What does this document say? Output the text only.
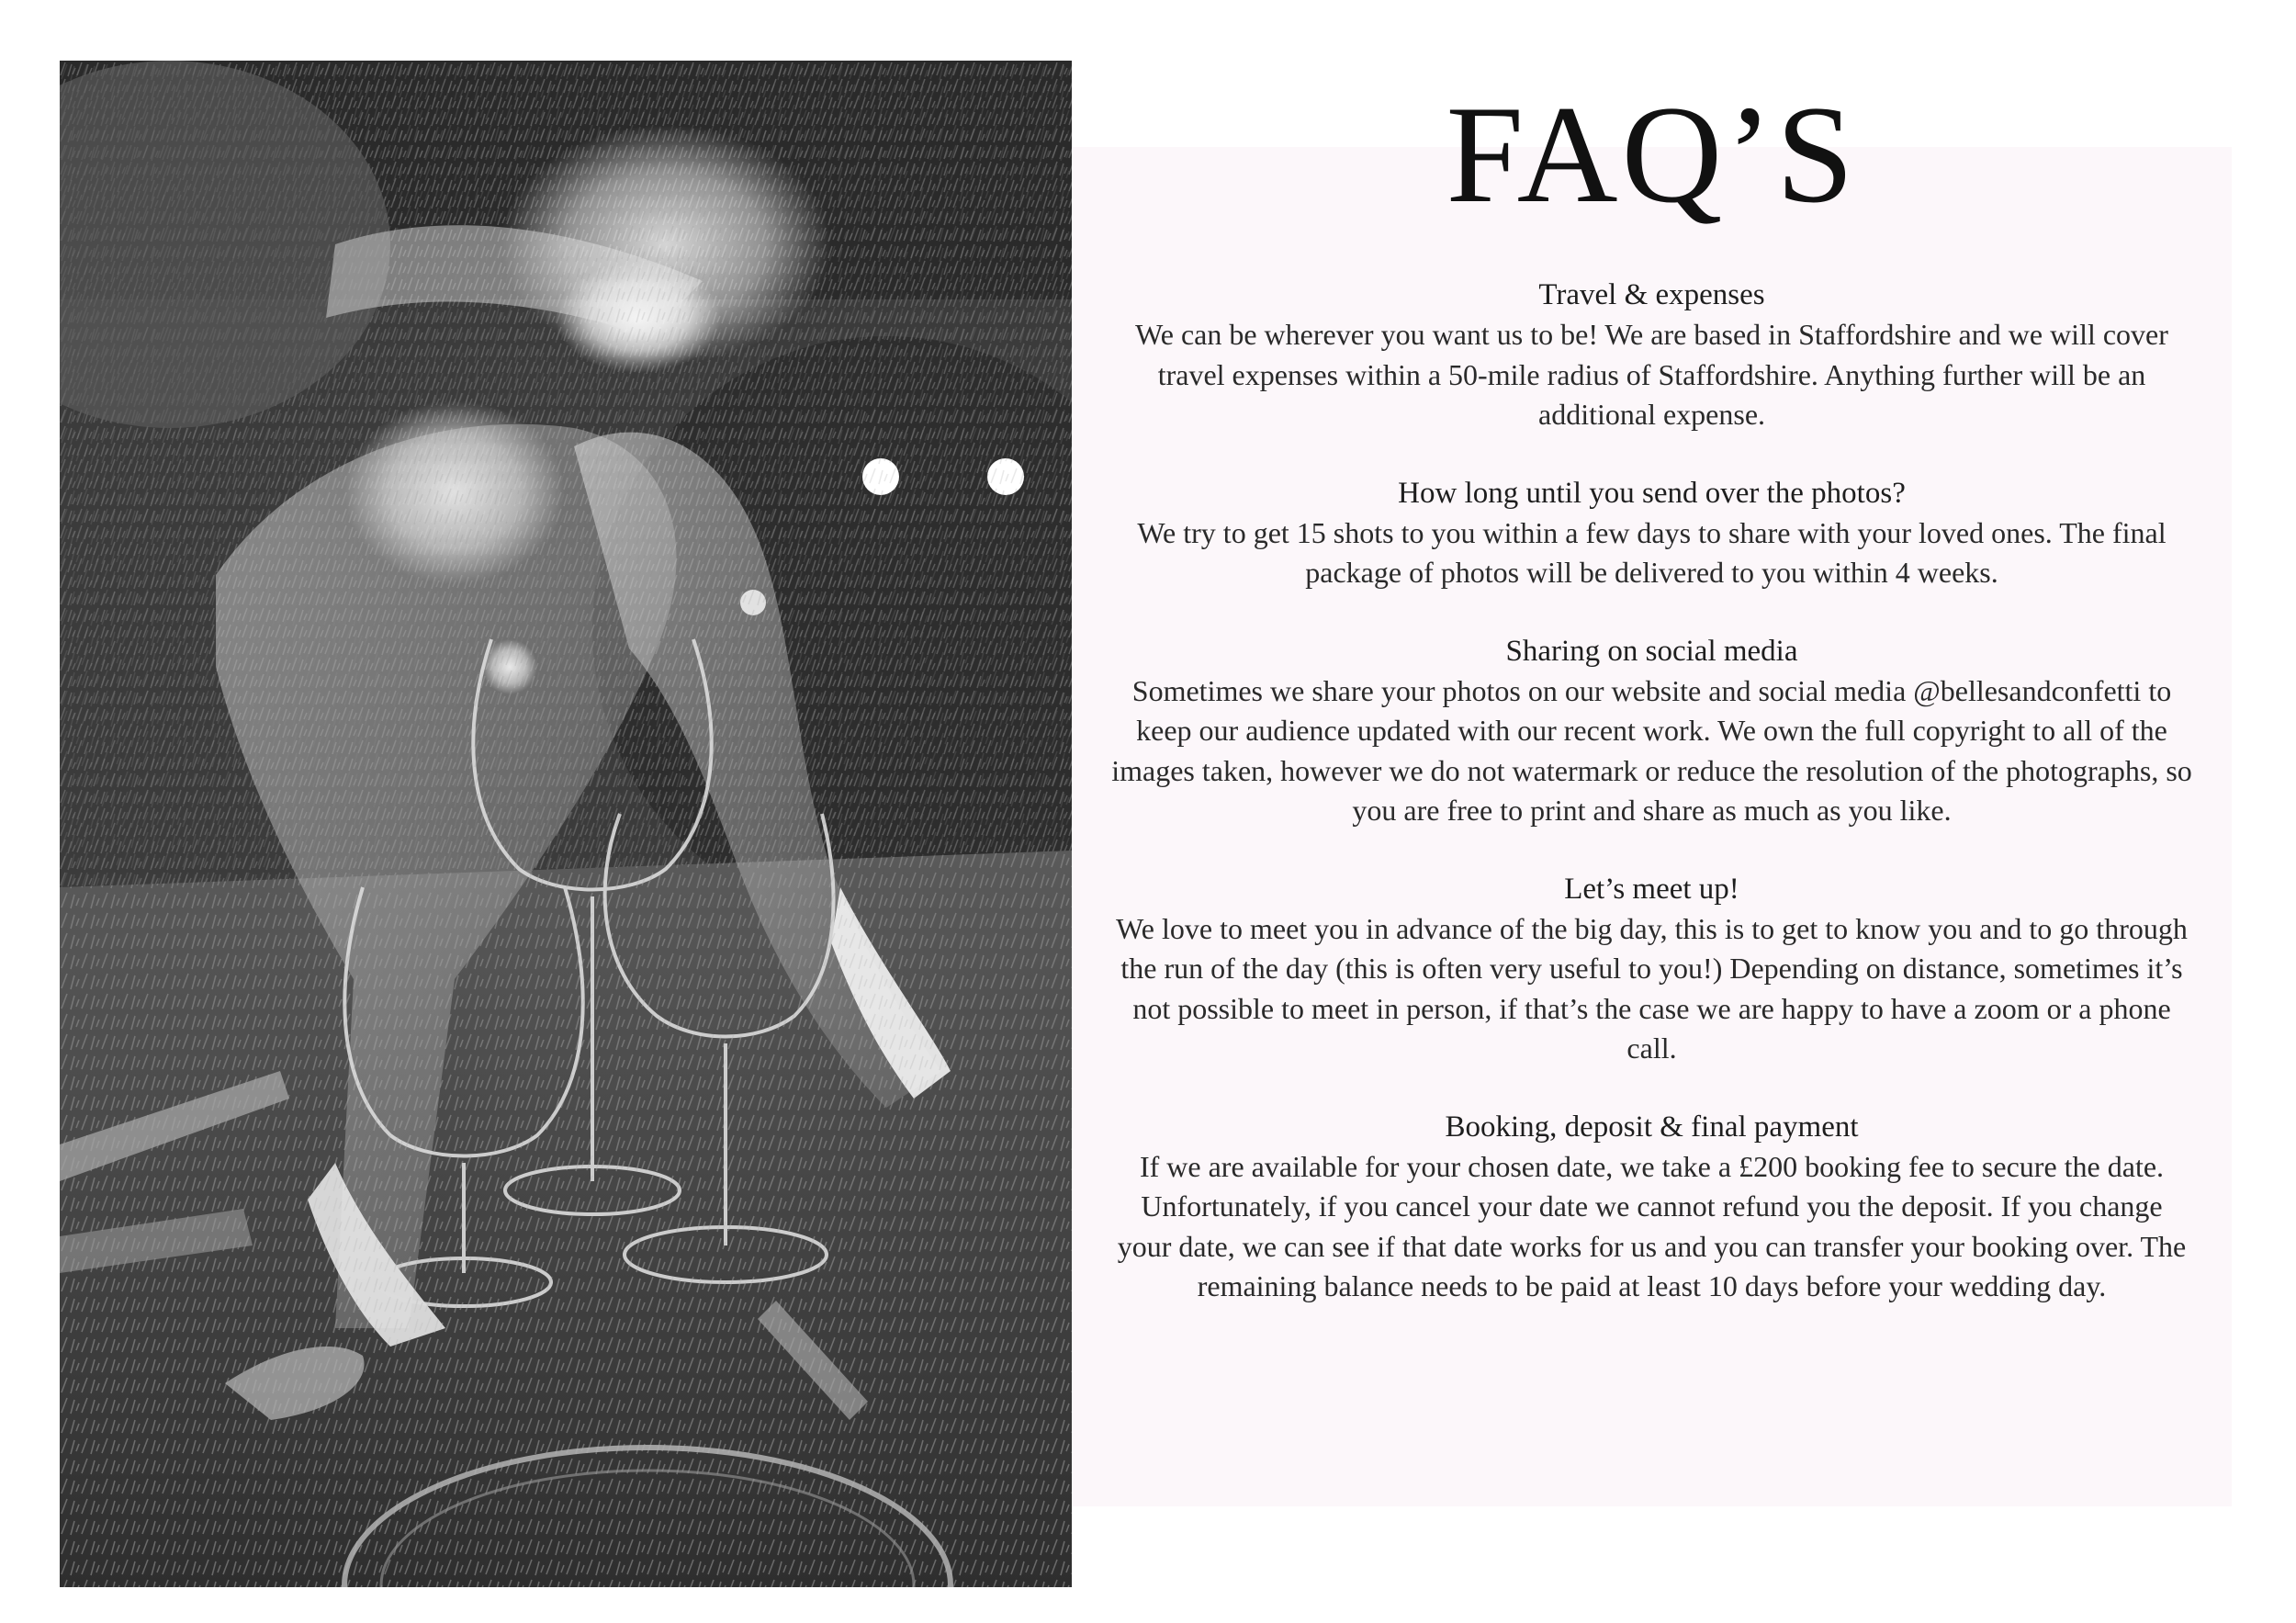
FAQ’S

Travel & expenses

We can be wherever you want us to be! We are based in Staffordshire and we will cover travel expenses within a 50-mile radius of Staffordshire. Anything further will be an additional expense.

How long until you send over the photos?

We try to get 15 shots to you within a few days to share with your loved ones. The final package of photos will be delivered to you within 4 weeks.

Sharing on social media

Sometimes we share your photos on our website and social media @bellesandconfetti to keep our audience updated with our recent work. We own the full copyright to all of the images taken, however we do not watermark or reduce the resolution of the photographs, so you are free to print and share as much as you like.

Let’s meet up!

We love to meet you in advance of the big day, this is to get to know you and to go through the run of the day (this is often very useful to you!) Depending on distance, sometimes it’s not possible to meet in person, if that’s the case we are happy to have a zoom or a phone call.

Booking, deposit & final payment

If we are available for your chosen date, we take a £200 booking fee to secure the date. Unfortunately, if you cancel your date we cannot refund you the deposit. If you change your date, we can see if that date works for us and you can transfer your booking over. The remaining balance needs to be paid at least 10 days before your wedding day.
